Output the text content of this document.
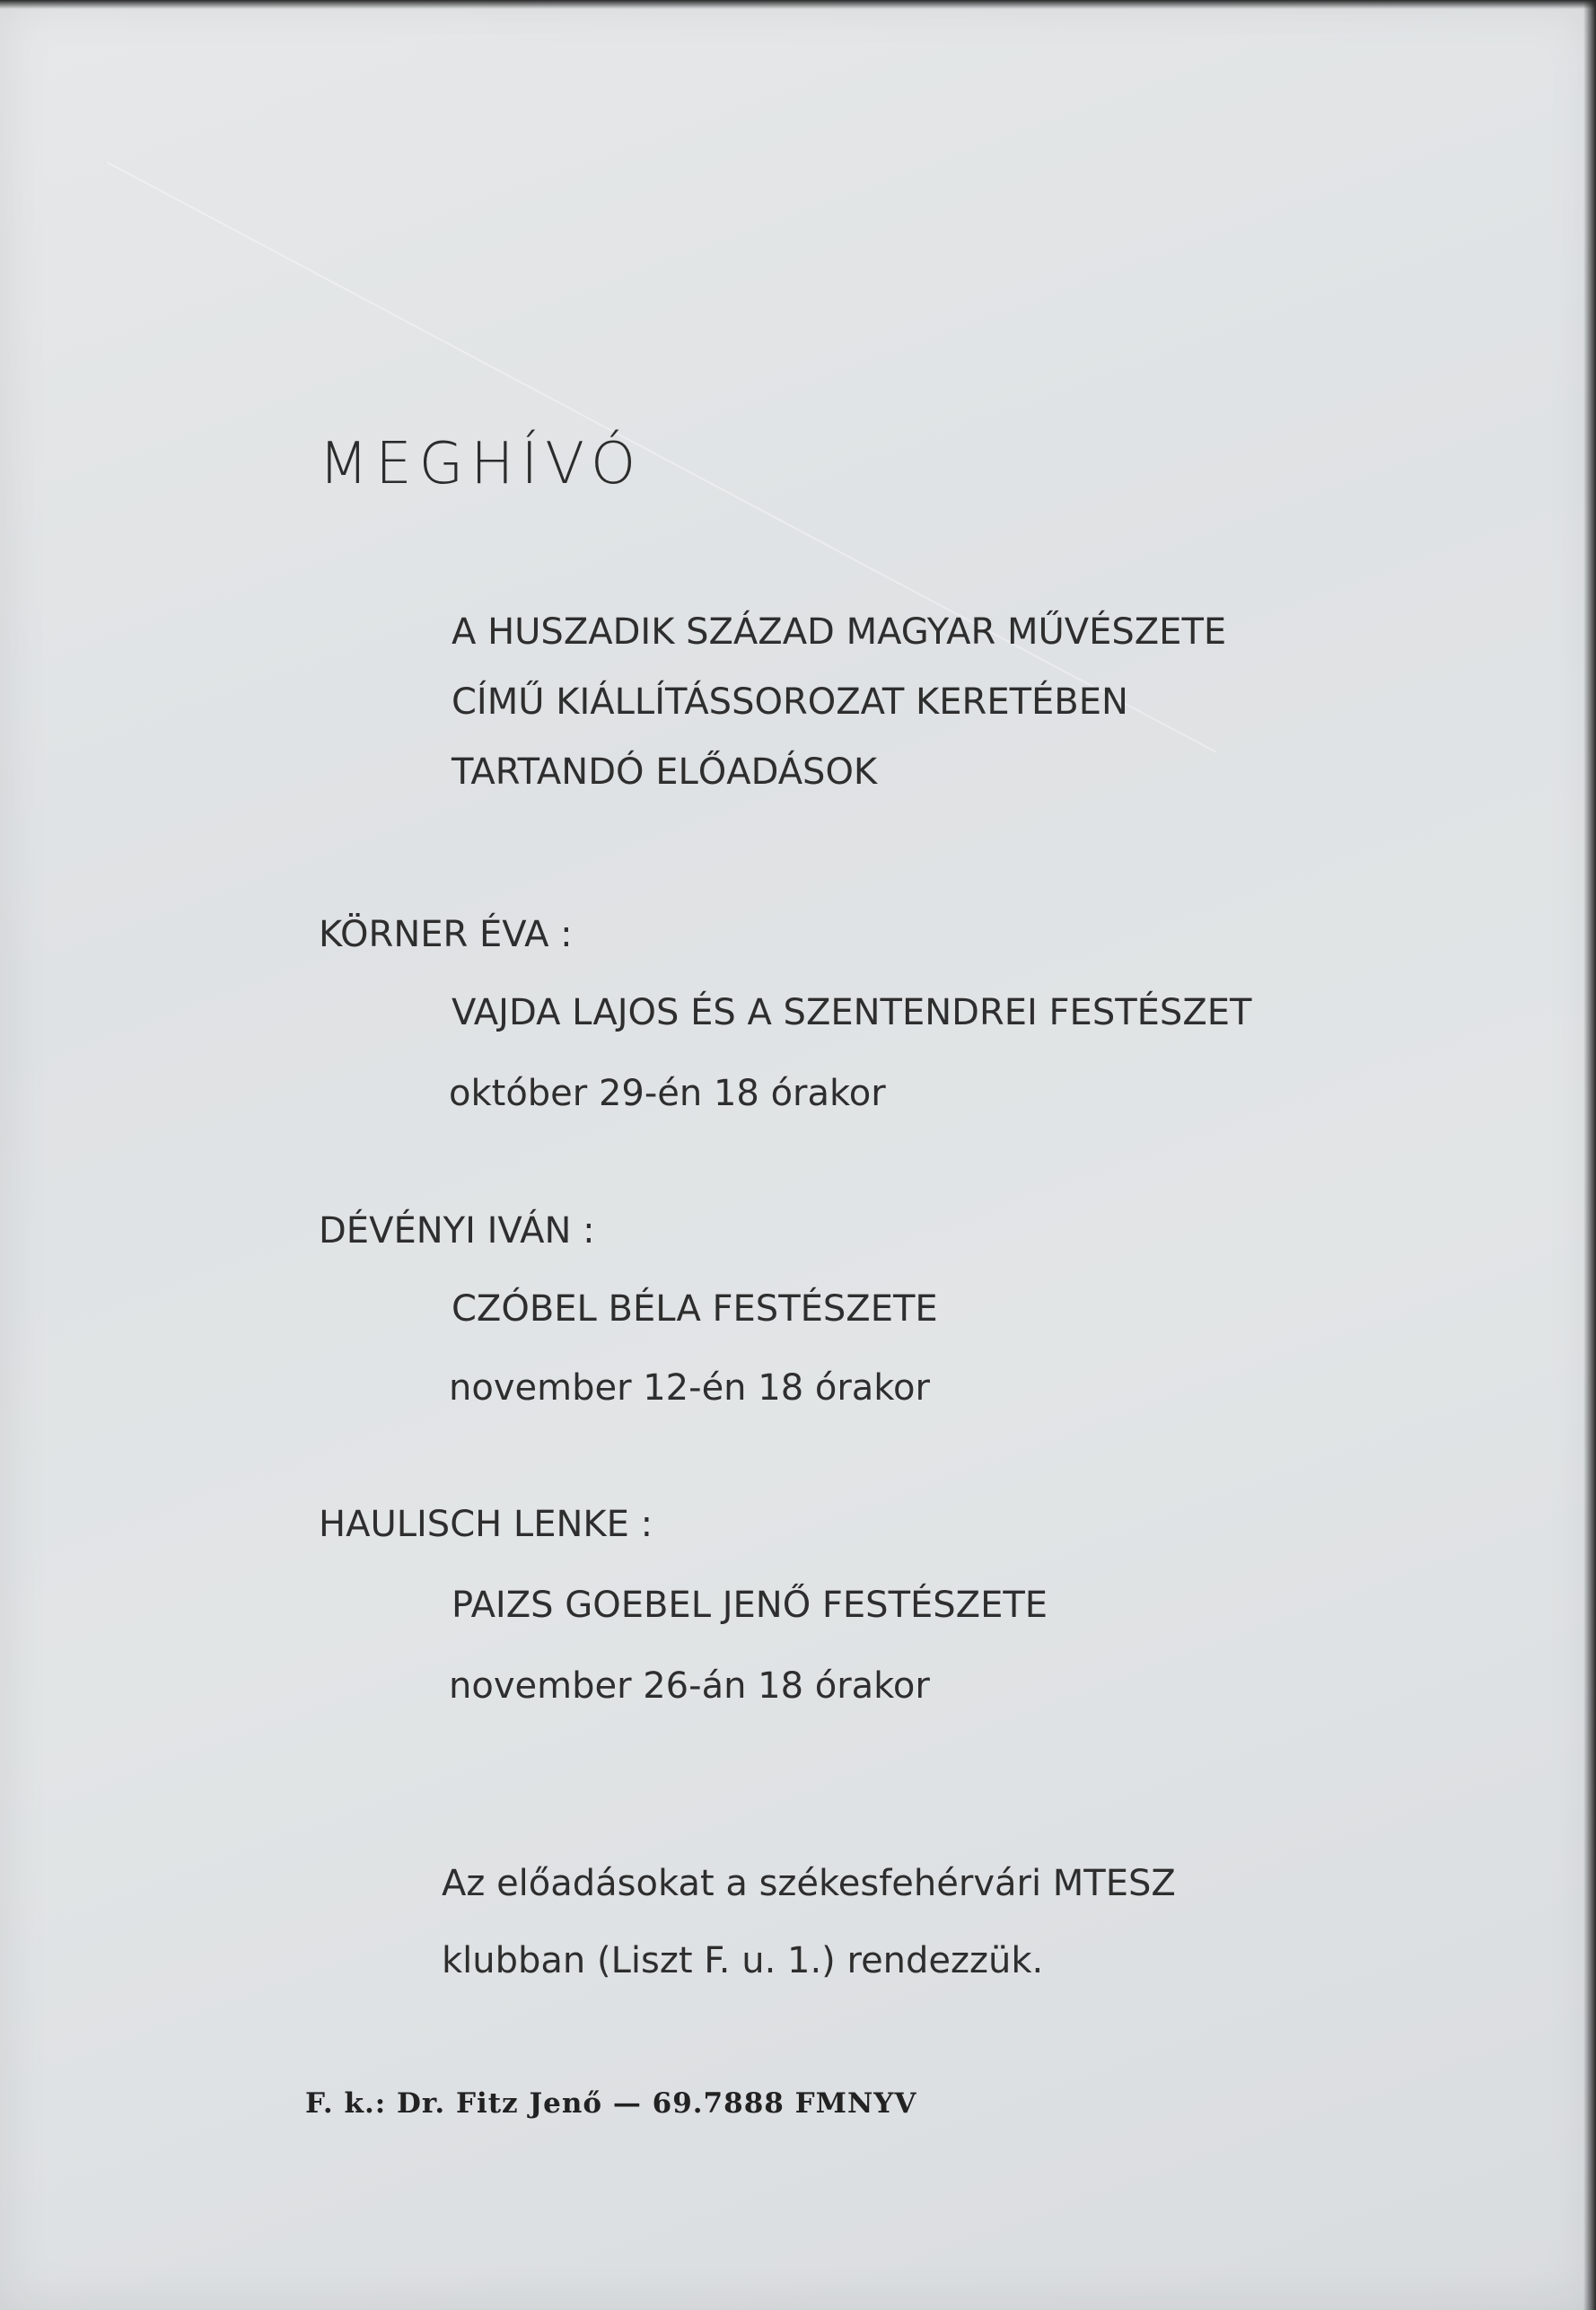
MEGHÍVÓ
A HUSZADIK SZÁZAD MAGYAR MŰVÉSZETE
CÍMŰ KIÁLLÍTÁSSOROZAT KERETÉBEN
TARTANDÓ ELŐADÁSOK
KÖRNER ÉVA :
VAJDA LAJOS ÉS A SZENTENDREI FESTÉSZET
október 29-én 18 órakor
DÉVÉNYI IVÁN :
CZÓBEL BÉLA FESTÉSZETE
november 12-én 18 órakor
HAULISCH LENKE :
PAIZS GOEBEL JENŐ FESTÉSZETE
november 26-án 18 órakor
Az előadásokat a székesfehérvári MTESZ
klubban (Liszt F. u. 1.) rendezzük.
F. k.: Dr. Fitz Jenő — 69.7888 FMNYV
